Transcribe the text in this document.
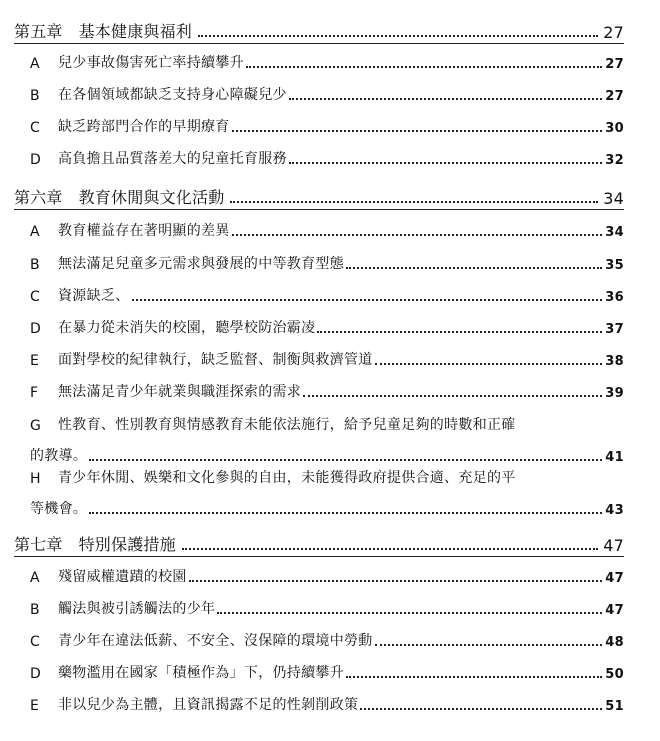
第五章 基本健康與福利	27
A	兒少事故傷害死亡率持續攀升	27
B	在各個領域都缺乏支持身心障礙兒少	27
C	缺乏跨部門合作的早期療育	30
D	高負擔且品質落差大的兒童托育服務	32
第六章 教育休閒與文化活動	34
A	教育權益存在著明顯的差異	34
B	無法滿足兒童多元需求與發展的中等教育型態	35
C	資源缺乏、	36
D	在暴力從未消失的校園，聽學校防治霸凌	37
E	面對學校的紀律執行，缺乏監督、制衡與救濟管道	38
F	無法滿足青少年就業與職涯探索的需求	39
G	性教育、性別教育與情感教育未能依法施行，給予兒童足夠的時數和正確
的教導。	41
H	青少年休閒、娛樂和文化參與的自由，未能獲得政府提供合適、充足的平
等機會。	43
第七章 特別保護措施	47
A	殘留威權遺蹟的校園	47
B	觸法與被引誘觸法的少年	47
C	青少年在違法低薪、不安全、沒保障的環境中勞動	48
D	藥物濫用在國家「積極作為」下，仍持續攀升	50
E	非以兒少為主體，且資訊揭露不足的性剝削政策	51
